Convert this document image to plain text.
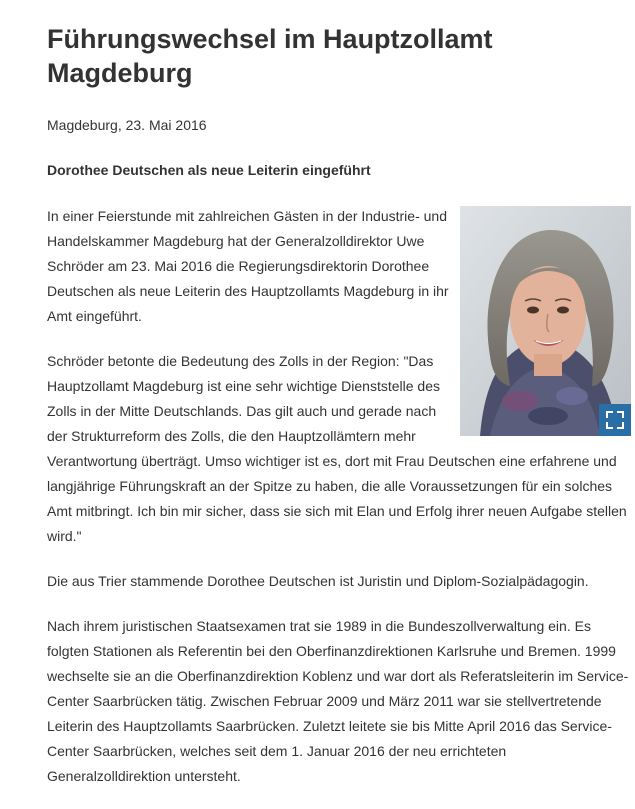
Führungswechsel im Hauptzollamt Magdeburg

Magdeburg, 23. Mai 2016

Dorothee Deutschen als neue Leiterin eingeführt

In einer Feierstunde mit zahlreichen Gästen in der Industrie- und Handelskammer Magdeburg hat der Generalzolldirektor Uwe Schröder am 23. Mai 2016 die Regierungsdirektorin Dorothee Deutschen als neue Leiterin des Hauptzollamts Magdeburg in ihr Amt eingeführt.

Schröder betonte die Bedeutung des Zolls in der Region: "Das Hauptzollamt Magdeburg ist eine sehr wichtige Dienststelle des Zolls in der Mitte Deutschlands. Das gilt auch und gerade nach der Strukturreform des Zolls, die den Hauptzollämtern mehr Verantwortung überträgt. Umso wichtiger ist es, dort mit Frau Deutschen eine erfahrene und langjährige Führungskraft an der Spitze zu haben, die alle Voraussetzungen für ein solches Amt mitbringt. Ich bin mir sicher, dass sie sich mit Elan und Erfolg ihrer neuen Aufgabe stellen wird."

Die aus Trier stammende Dorothee Deutschen ist Juristin und Diplom-Sozialpädagogin.

Nach ihrem juristischen Staatsexamen trat sie 1989 in die Bundeszollverwaltung ein. Es folgten Stationen als Referentin bei den Oberfinanzdirektionen Karlsruhe und Bremen. 1999 wechselte sie an die Oberfinanzdirektion Koblenz und war dort als Referatsleiterin im Service-Center Saarbrücken tätig. Zwischen Februar 2009 und März 2011 war sie stellvertretende Leiterin des Hauptzollamts Saarbrücken. Zuletzt leitete sie bis Mitte April 2016 das Service-Center Saarbrücken, welches seit dem 1. Januar 2016 der neu errichteten Generalzolldirektion untersteht.
